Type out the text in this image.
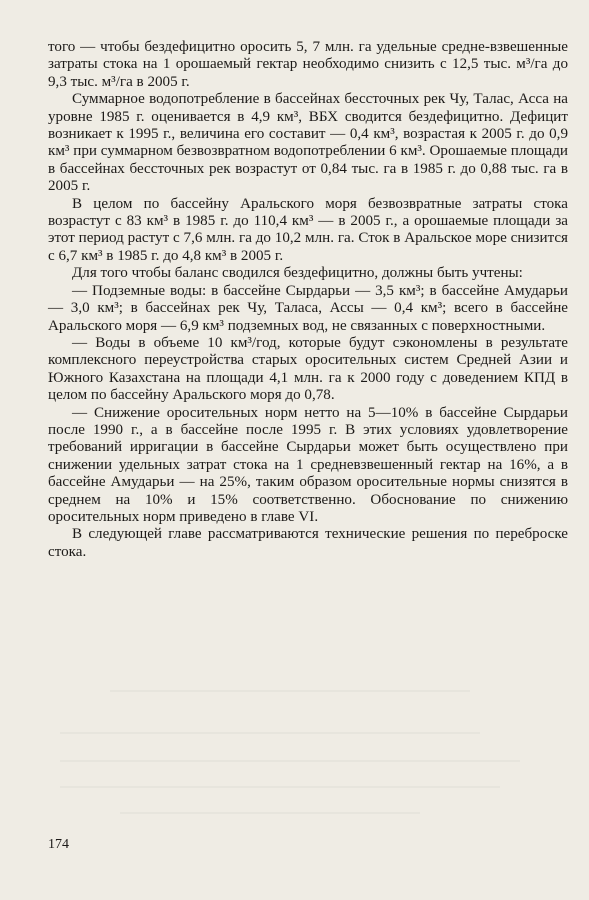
того — чтобы бездефицитно оросить 5, 7 млн. га удельные средне-взвешенные затраты стока на 1 орошаемый гектар необходимо снизить с 12,5 тыс. м³/га до 9,3 тыс. м³/га в 2005 г.

Суммарное водопотребление в бассейнах бессточных рек Чу, Талас, Асса на уровне 1985 г. оценивается в 4,9 км³, ВБХ сводится бездефицитно. Дефицит возникает к 1995 г., величина его составит — 0,4 км³, возрастая к 2005 г. до 0,9 км³ при суммарном безвозвратном водопотреблении 6 км³. Орошаемые площади в бассейнах бессточных рек возрастут от 0,84 тыс. га в 1985 г. до 0,88 тыс. га в 2005 г.

В целом по бассейну Аральского моря безвозвратные затраты стока возрастут с 83 км³ в 1985 г. до 110,4 км³ — в 2005 г., а орошаемые площади за этот период растут с 7,6 млн. га до 10,2 млн. га. Сток в Аральское море снизится с 6,7 км³ в 1985 г. до 4,8 км³ в 2005 г.

Для того чтобы баланс сводился бездефицитно, должны быть учтены:

— Подземные воды: в бассейне Сырдарьи — 3,5 км³; в бассейне Амударьи — 3,0 км³; в бассейнах рек Чу, Таласа, Ассы — 0,4 км³; всего в бассейне Аральского моря — 6,9 км³ подземных вод, не связанных с поверхностными.

— Воды в объеме 10 км³/год, которые будут сэкономлены в результате комплексного переустройства старых оросительных систем Средней Азии и Южного Казахстана на площади 4,1 млн. га к 2000 году с доведением КПД в целом по бассейну Аральского моря до 0,78.

— Снижение оросительных норм нетто на 5—10% в бассейне Сырдарьи после 1990 г., а в бассейне после 1995 г. В этих условиях удовлетворение требований ирригации в бассейне Сырдарьи может быть осуществлено при снижении удельных затрат стока на 1 средневзвешенный гектар на 16%, а в бассейне Амударьи — на 25%, таким образом оросительные нормы снизятся в среднем на 10% и 15% соответственно. Обоснование по снижению оросительных норм приведено в главе VI.

В следующей главе рассматриваются технические решения по переброске стока.

174
